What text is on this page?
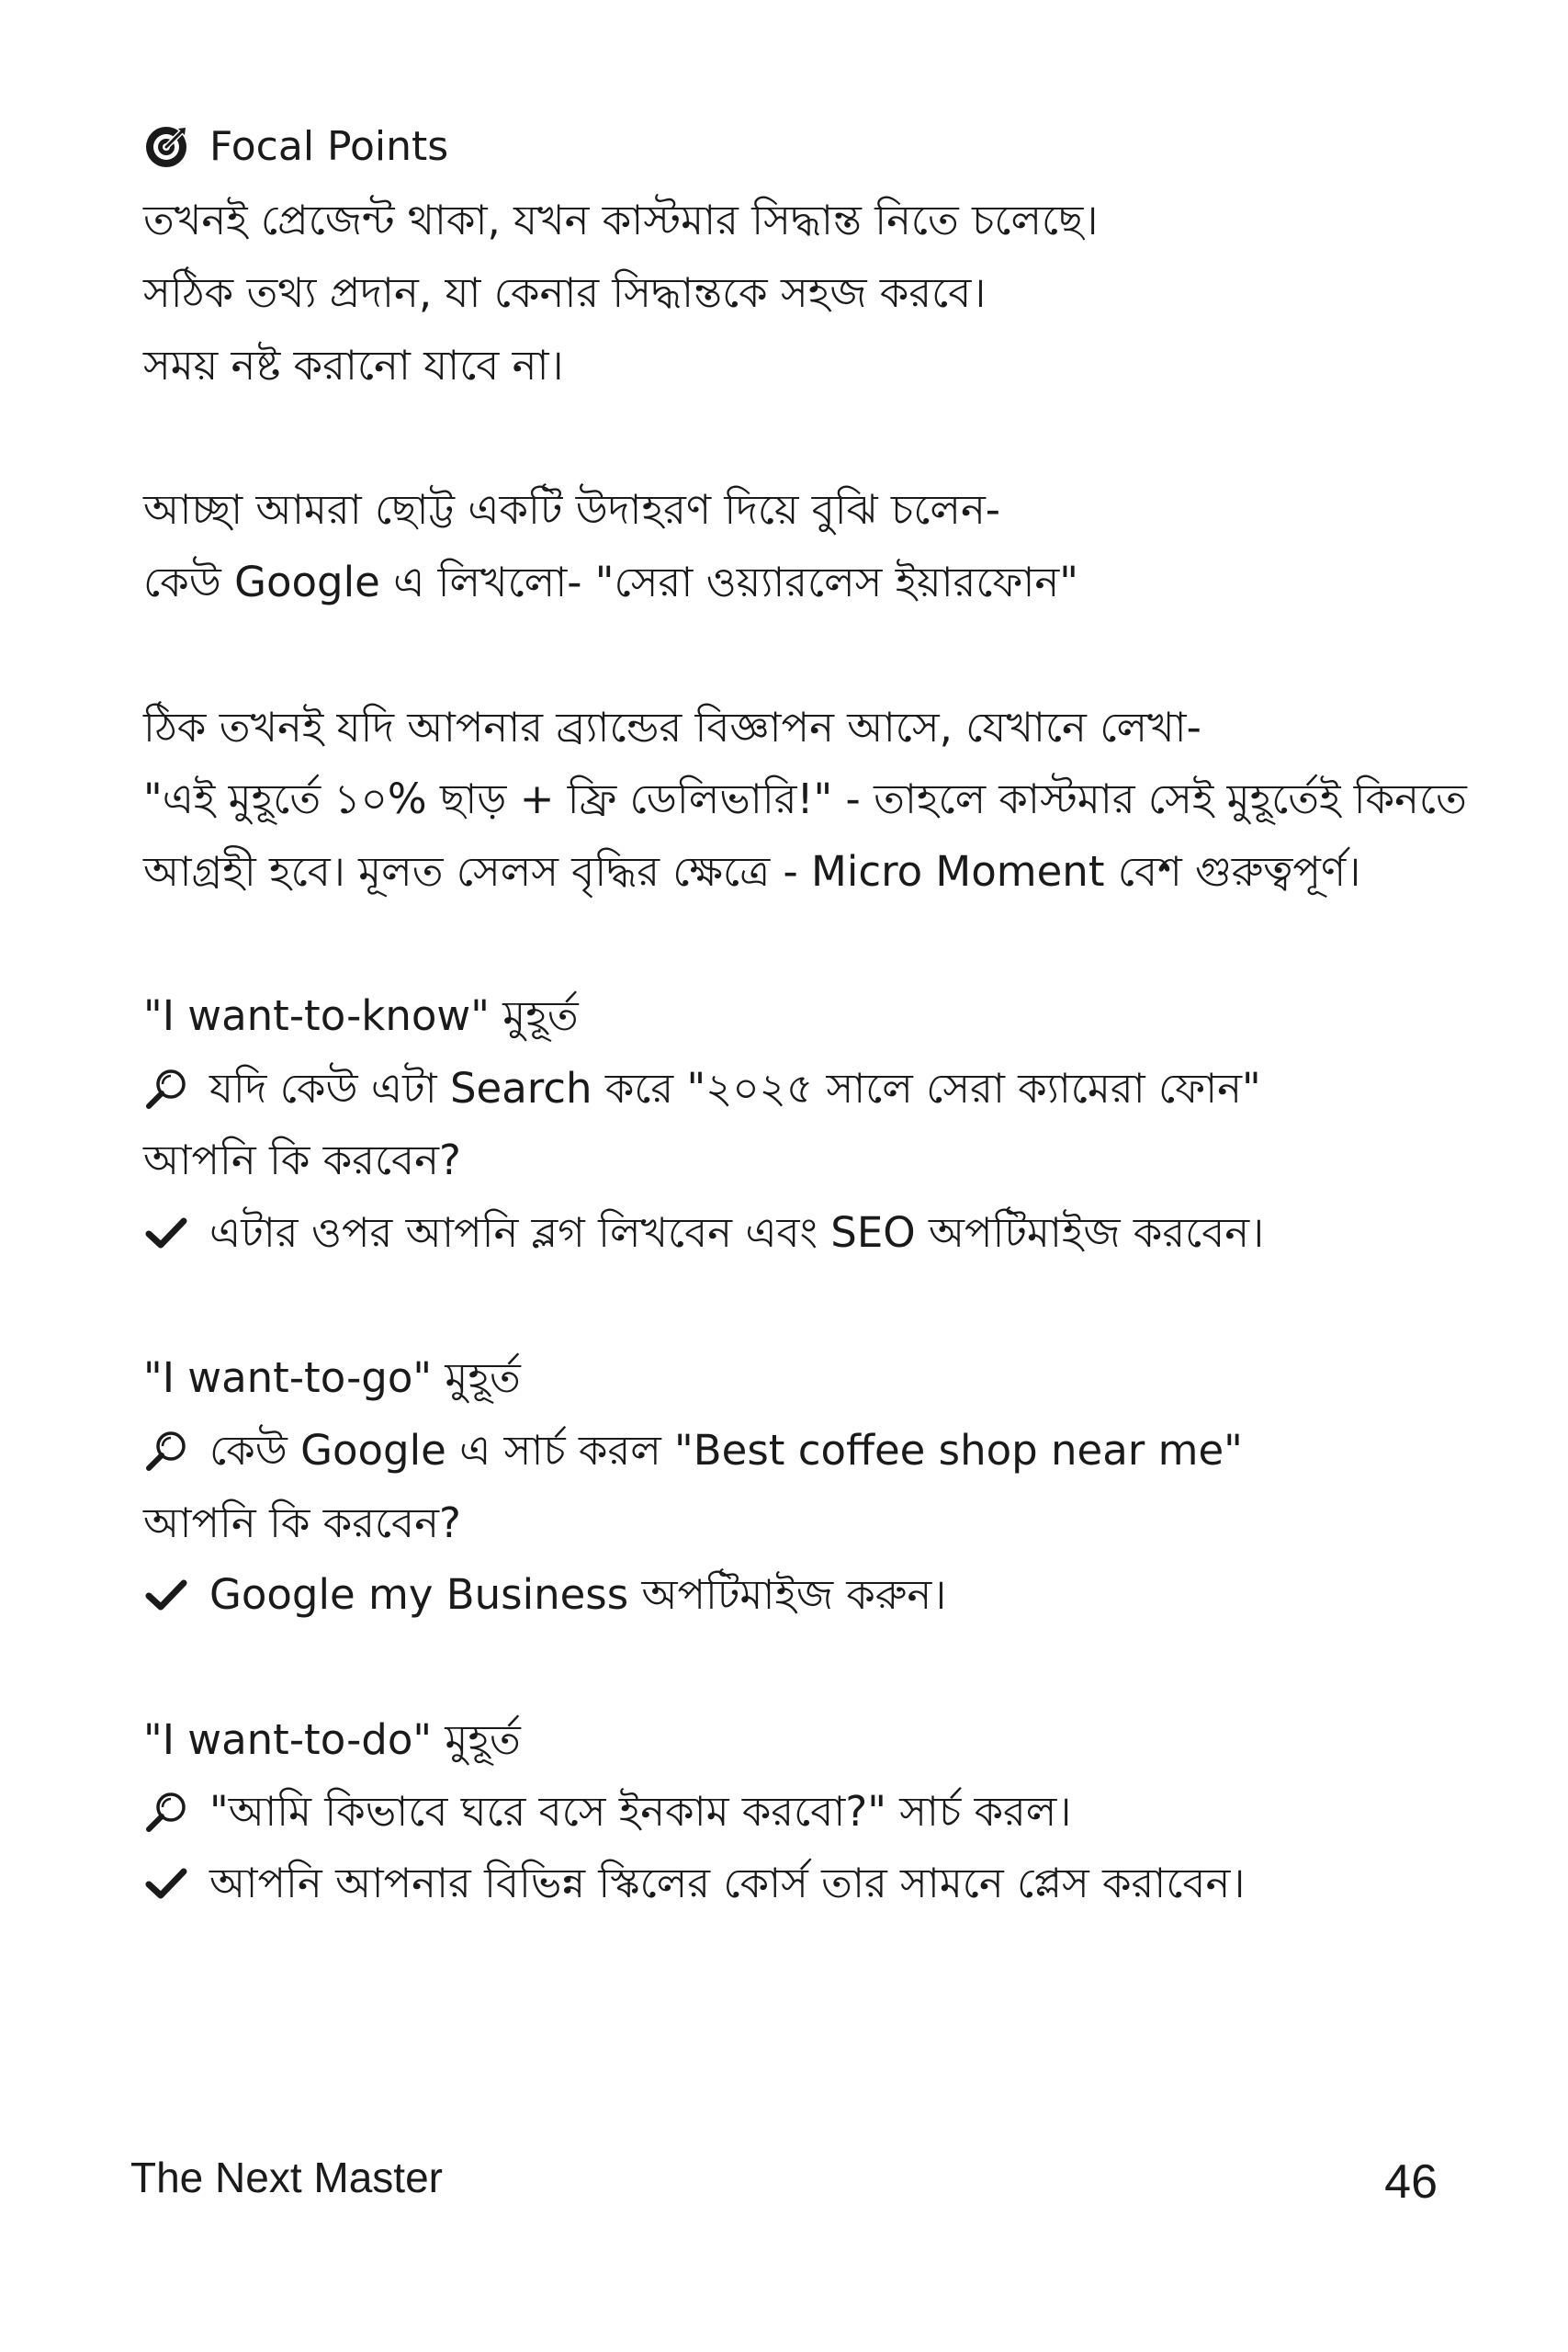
Focal Points
তখনই প্রেজেন্ট থাকা, যখন কাস্টমার সিদ্ধান্ত নিতে চলেছে।
সঠিক তথ্য প্রদান, যা কেনার সিদ্ধান্তকে সহজ করবে।
সময় নষ্ট করানো যাবে না।
আচ্ছা আমরা ছোট্ট একটি উদাহরণ দিয়ে বুঝি চলেন-
কেউ Google এ লিখলো- "সেরা ওয়্যারলেস ইয়ারফোন"
ঠিক তখনই যদি আপনার ব্র্যান্ডের বিজ্ঞাপন আসে, যেখানে লেখা-
"এই মুহূর্তে ১০% ছাড় + ফ্রি ডেলিভারি!" - তাহলে কাস্টমার সেই মুহূর্তেই কিনতে
আগ্রহী হবে। মূলত সেলস বৃদ্ধির ক্ষেত্রে - Micro Moment বেশ গুরুত্বপূর্ণ।
"I want-to-know" মুহূর্ত
যদি কেউ এটা Search করে "২০২৫ সালে সেরা ক্যামেরা ফোন"
আপনি কি করবেন?
এটার ওপর আপনি ব্লগ লিখবেন এবং SEO অপটিমাইজ করবেন।
"I want-to-go" মুহূর্ত
কেউ Google এ সার্চ করল "Best coffee shop near me"
আপনি কি করবেন?
Google my Business অপটিমাইজ করুন।
"I want-to-do" মুহূর্ত
"আমি কিভাবে ঘরে বসে ইনকাম করবো?" সার্চ করল।
আপনি আপনার বিভিন্ন স্কিলের কোর্স তার সামনে প্লেস করাবেন।
The Next Master	46
